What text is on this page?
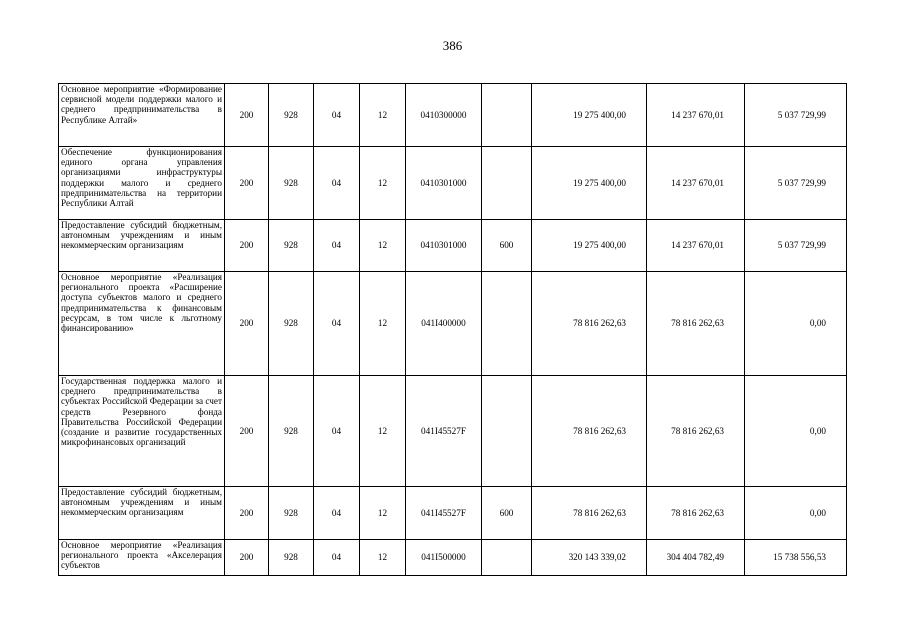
386
Основное мероприятие «Формирование сервисной модели поддержки малого и среднего предпринимательства в Республике Алтай»	200	928	04	12	0410300000		19 275 400,00	14 237 670,01	5 037 729,99

Обеспечение функционирования единого органа управления организациями инфраструктуры поддержки малого и среднего предпринимательства на территории Республики Алтай	200	928	04	12	0410301000		19 275 400,00	14 237 670,01	5 037 729,99

Предоставление субсидий бюджетным, автономным учреждениям и иным некоммерческим организациям	200	928	04	12	0410301000	600	19 275 400,00	14 237 670,01	5 037 729,99

Основное мероприятие «Реализация регионального проекта «Расширение доступа субъектов малого и среднего предпринимательства к финансовым ресурсам, в том числе к льготному финансированию»	200	928	04	12	041I400000		78 816 262,63	78 816 262,63	0,00

Государственная поддержка малого и среднего предпринимательства в субъектах Российской Федерации за счет средств Резервного фонда Правительства Российской Федерации (создание и развитие государственных микрофинансовых организаций	200	928	04	12	041I45527F		78 816 262,63	78 816 262,63	0,00

Предоставление субсидий бюджетным, автономным учреждениям и иным некоммерческим организациям	200	928	04	12	041I45527F	600	78 816 262,63	78 816 262,63	0,00

Основное мероприятие «Реализация регионального проекта «Акселерация субъектов	200	928	04	12	041I500000		320 143 339,02	304 404 782,49	15 738 556,53
